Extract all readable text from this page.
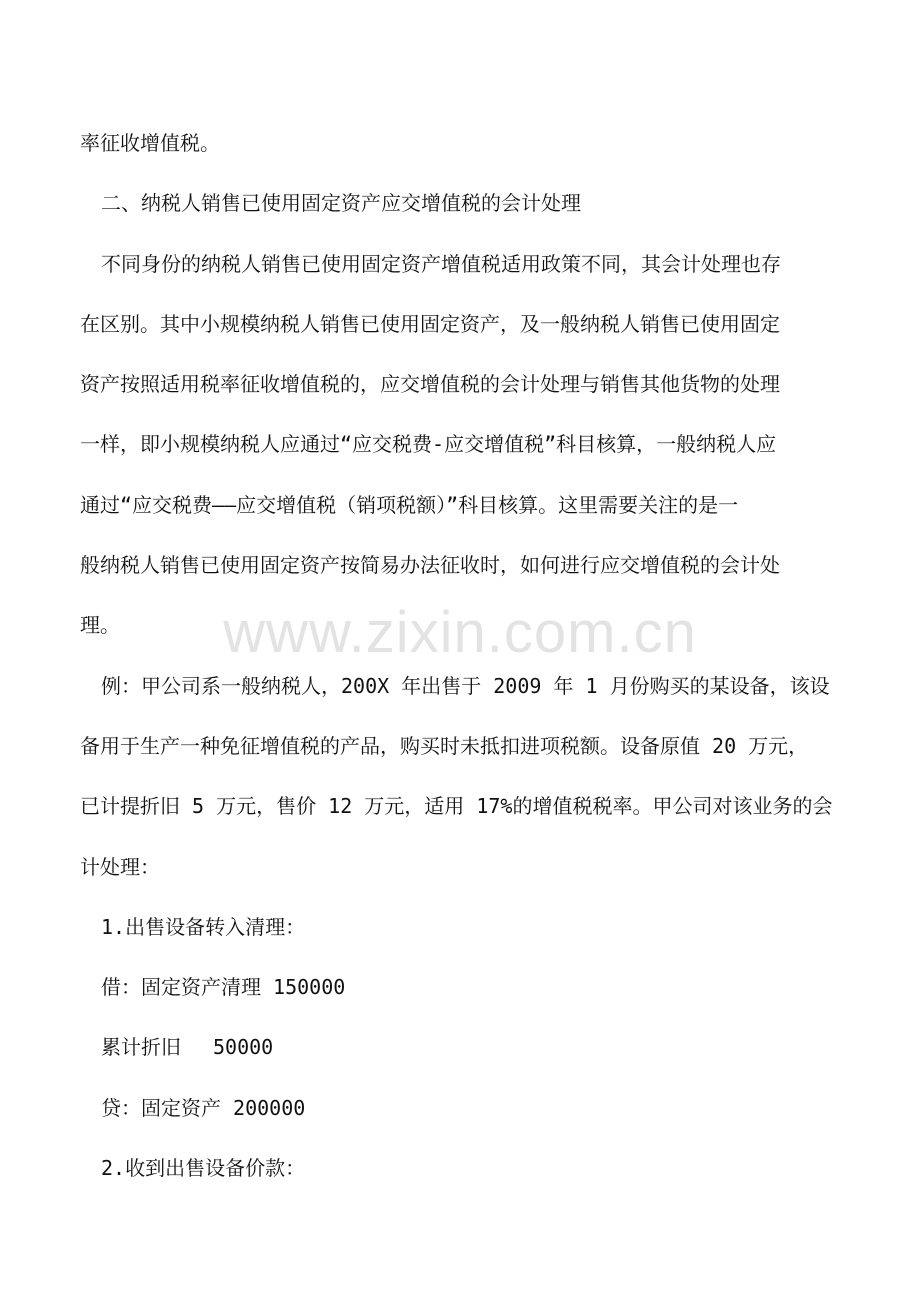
率征收增值税。
二、纳税人销售已使用固定资产应交增值税的会计处理
不同身份的纳税人销售已使用固定资产增值税适用政策不同，其会计处理也存
在区别。其中小规模纳税人销售已使用固定资产，及一般纳税人销售已使用固定
资产按照适用税率征收增值税的，应交增值税的会计处理与销售其他货物的处理
一样，即小规模纳税人应通过“应交税费-应交增值税”科目核算，一般纳税人应
通过“应交税费——应交增值税（销项税额）”科目核算。这里需要关注的是一
般纳税人销售已使用固定资产按简易办法征收时，如何进行应交增值税的会计处
理。	www.zixin.com.cn
例：甲公司系一般纳税人，200X 年出售于 2009 年 1 月份购买的某设备，该设
备用于生产一种免征增值税的产品，购买时未抵扣进项税额。设备原值 20 万元，
已计提折旧 5 万元，售价 12 万元，适用 17%的增值税税率。甲公司对该业务的会
计处理：
1.出售设备转入清理：
借：固定资产清理 150000
累计折旧 50000
贷：固定资产 200000
2.收到出售设备价款：
